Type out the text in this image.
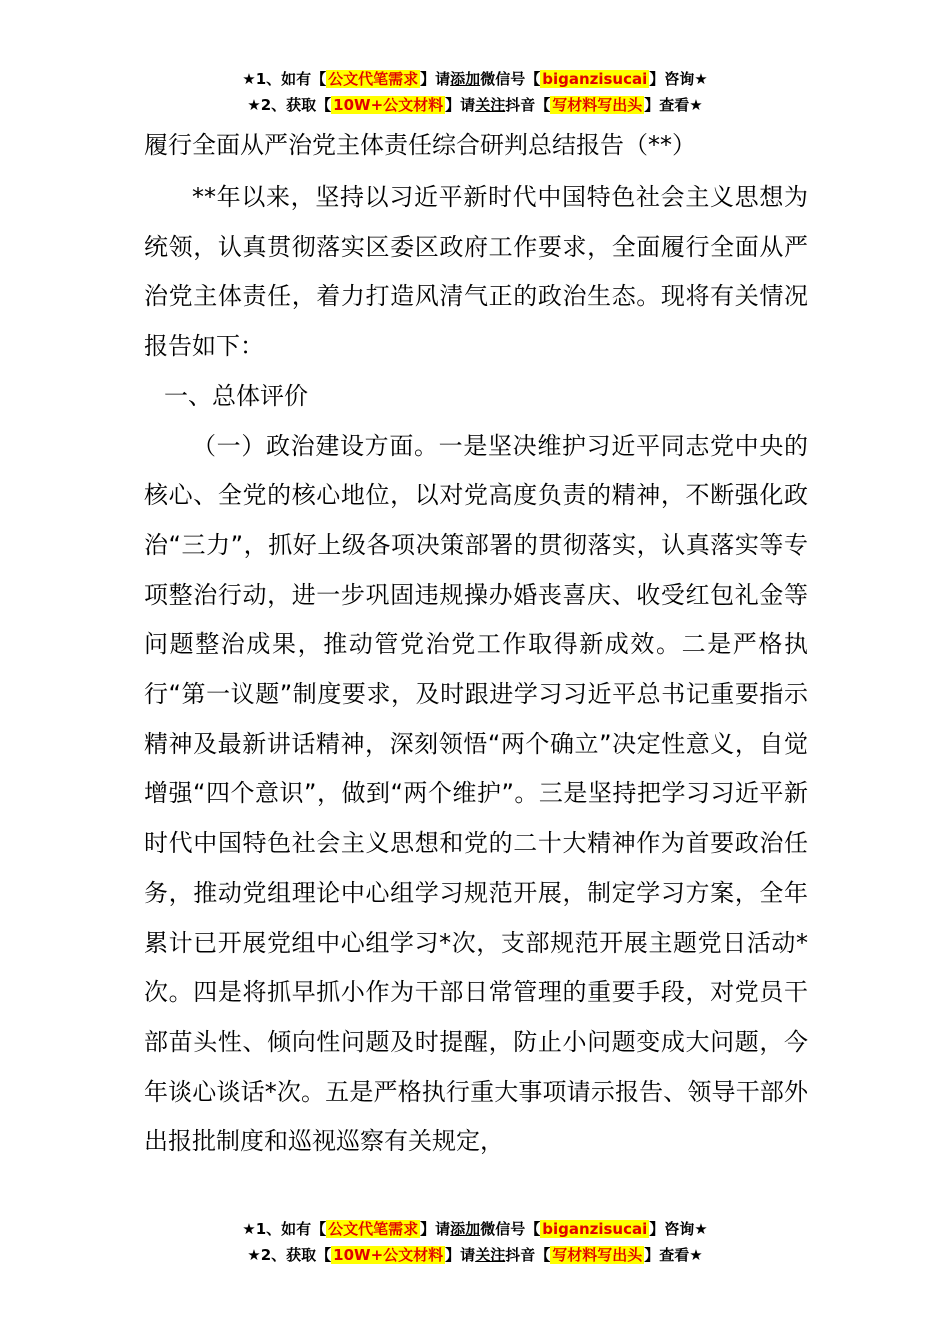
★1、如有【 公文代笔需求 】请添加微信号【 biganzisucai 】咨询★
★2、获取【 10W+公文材料 】请关注抖音【 写材料写出头 】查看★

履行全面从严治党主体责任综合研判总结报告（**）

**年以来，坚持以习近平新时代中国特色社会主义思想为统领，认真贯彻落实区委区政府工作要求，全面履行全面从严治党主体责任，着力打造风清气正的政治生态。现将有关情况报告如下：

一、总体评价

（一）政治建设方面。一是坚决维护习近平同志党中央的核心、全党的核心地位，以对党高度负责的精神，不断强化政治“三力”，抓好上级各项决策部署的贯彻落实，认真落实等专项整治行动，进一步巩固违规操办婚丧喜庆、收受红包礼金等问题整治成果，推动管党治党工作取得新成效。二是严格执行“第一议题”制度要求，及时跟进学习习近平总书记重要指示精神及最新讲话精神，深刻领悟“两个确立”决定性意义，自觉增强“四个意识”，做到“两个维护”。三是坚持把学习习近平新时代中国特色社会主义思想和党的二十大精神作为首要政治任务，推动党组理论中心组学习规范开展，制定学习方案，全年累计已开展党组中心组学习*次，支部规范开展主题党日活动*次。四是将抓早抓小作为干部日常管理的重要手段，对党员干部苗头性、倾向性问题及时提醒，防止小问题变成大问题，今年谈心谈话*次。五是严格执行重大事项请示报告、领导干部外出报批制度和巡视巡察有关规定，

★1、如有【 公文代笔需求 】请添加微信号【 biganzisucai 】咨询★
★2、获取【 10W+公文材料 】请关注抖音【 写材料写出头 】查看★
